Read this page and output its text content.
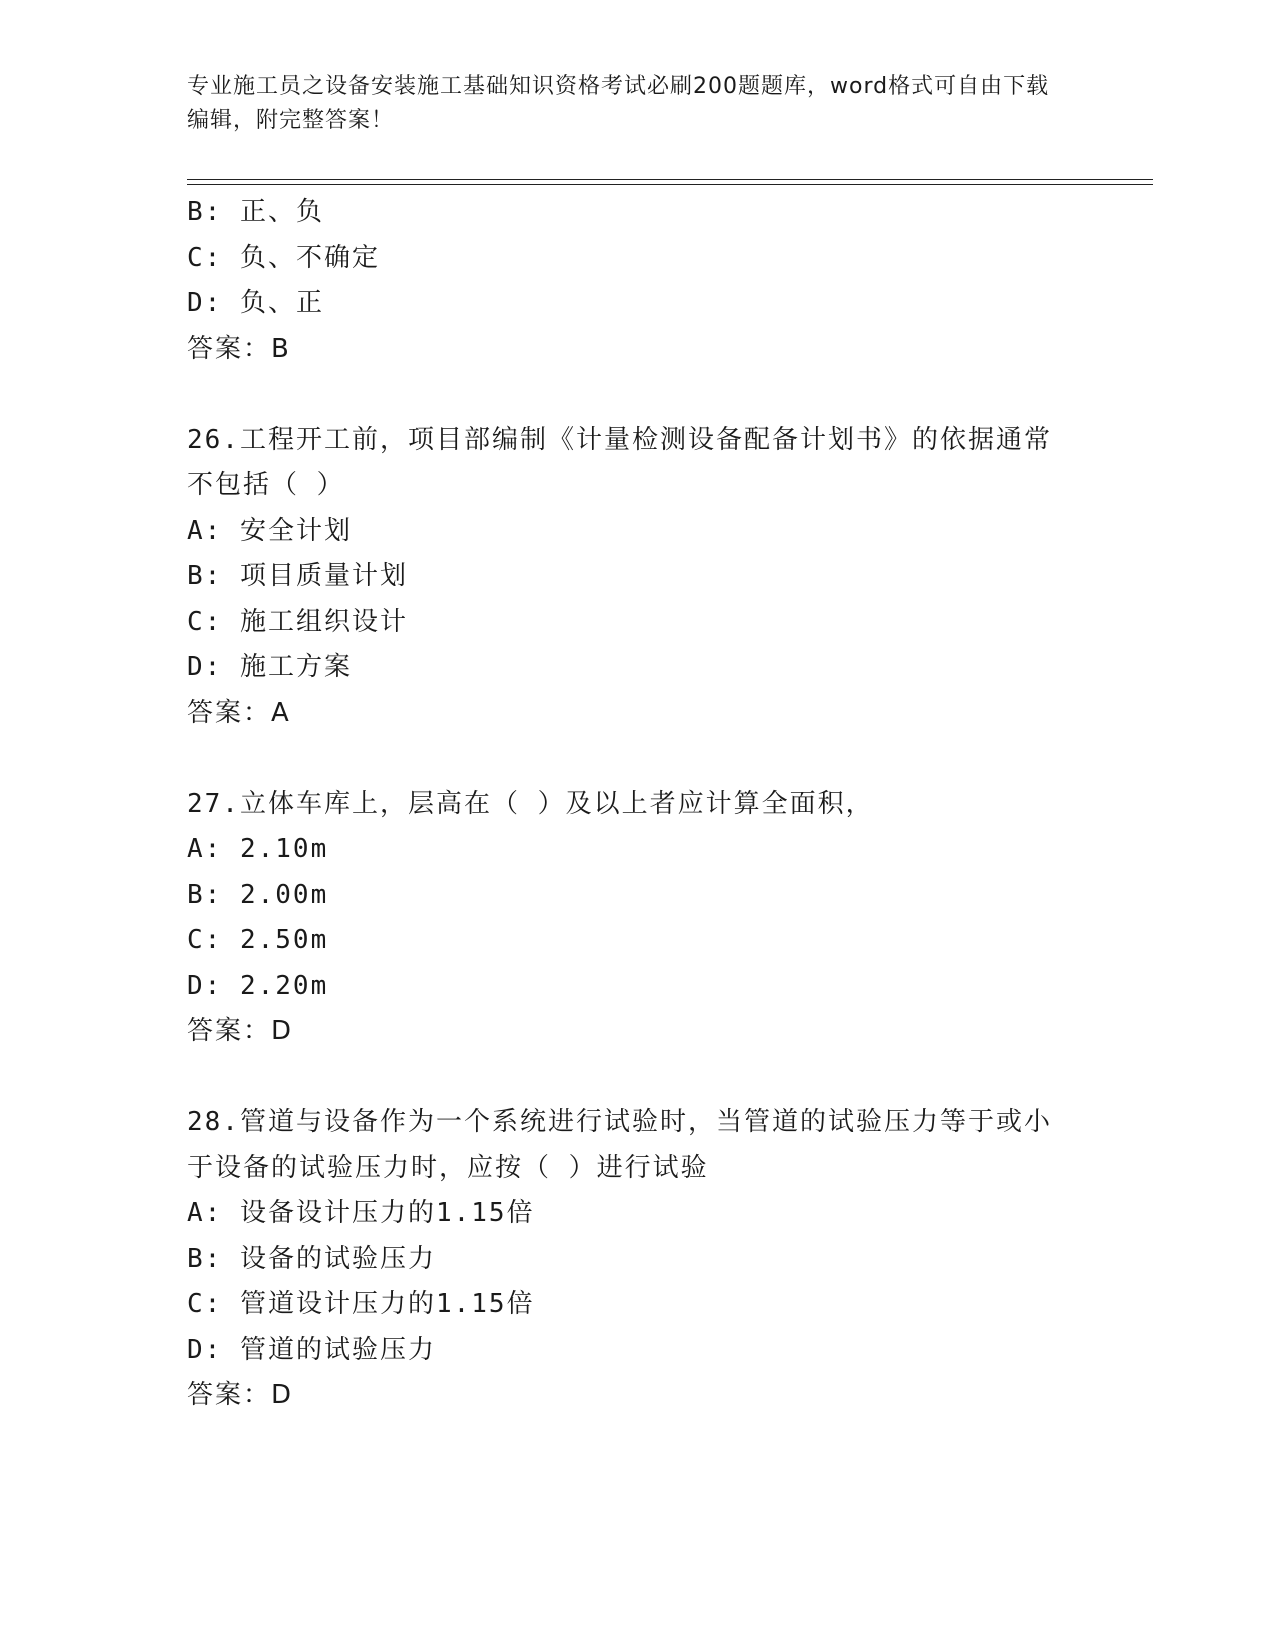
专业施工员之设备安装施工基础知识资格考试必刷200题题库，word格式可自由下载编辑，附完整答案！
B: 正、负
C: 负、不确定
D: 负、正
答案：B
26.工程开工前，项目部编制《计量检测设备配备计划书》的依据通常不包括（ ）
A: 安全计划
B: 项目质量计划
C: 施工组织设计
D: 施工方案
答案：A
27.立体车库上，层高在（ ）及以上者应计算全面积，
A: 2.10m
B: 2.00m
C: 2.50m
D: 2.20m
答案：D
28.管道与设备作为一个系统进行试验时，当管道的试验压力等于或小于设备的试验压力时，应按（ ）进行试验
A: 设备设计压力的1.15倍
B: 设备的试验压力
C: 管道设计压力的1.15倍
D: 管道的试验压力
答案：D
